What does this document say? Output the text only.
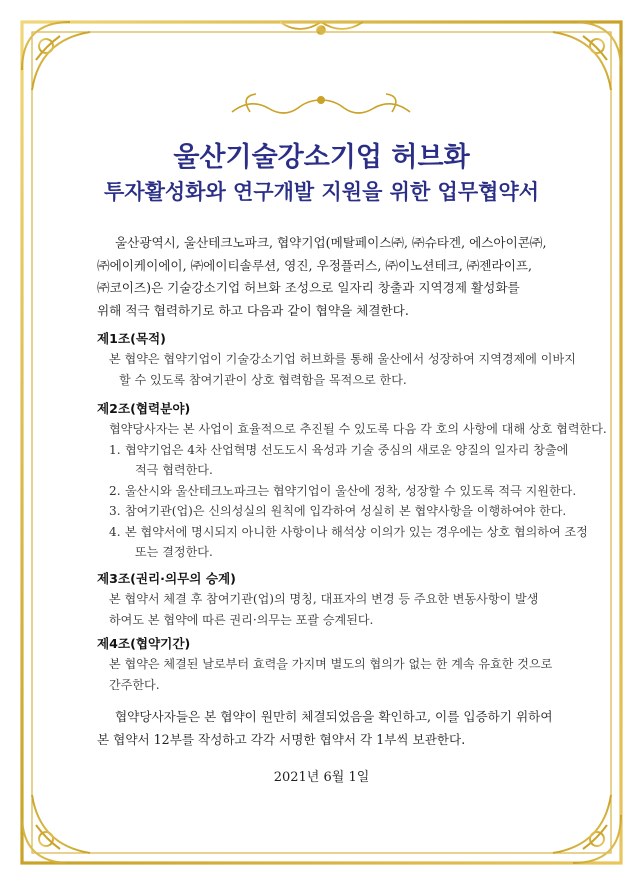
울산기술강소기업 허브화
투자활성화와 연구개발 지원을 위한 업무협약서
울산광역시, 울산테크노파크, 협약기업(메탈페이스㈜, ㈜슈타겐, 에스아이콘㈜,
㈜에이케이에이, ㈜에이티솔루션, 영진, 우정플러스, ㈜이노션테크, ㈜젠라이프,
㈜코이즈)은 기술강소기업 허브화 조성으로 일자리 창출과 지역경제 활성화를
위해 적극 협력하기로 하고 다음과 같이 협약을 체결한다.
제1조(목적)
본 협약은 협약기업이 기술강소기업 허브화를 통해 울산에서 성장하여 지역경제에 이바지
할 수 있도록 참여기관이 상호 협력함을 목적으로 한다.
제2조(협력분야)
협약당사자는 본 사업이 효율적으로 추진될 수 있도록 다음 각 호의 사항에 대해 상호 협력한다.
1. 협약기업은 4차 산업혁명 선도도시 육성과 기술 중심의 새로운 양질의 일자리 창출에
적극 협력한다.
2. 울산시와 울산테크노파크는 협약기업이 울산에 정착, 성장할 수 있도록 적극 지원한다.
3. 참여기관(업)은 신의성실의 원칙에 입각하여 성실히 본 협약사항을 이행하여야 한다.
4. 본 협약서에 명시되지 아니한 사항이나 해석상 이의가 있는 경우에는 상호 협의하여 조정
또는 결정한다.
제3조(권리·의무의 승계)
본 협약서 체결 후 참여기관(업)의 명칭, 대표자의 변경 등 주요한 변동사항이 발생
하여도 본 협약에 따른 권리·의무는 포괄 승계된다.
제4조(협약기간)
본 협약은 체결된 날로부터 효력을 가지며 별도의 협의가 없는 한 계속 유효한 것으로
간주한다.
협약당사자들은 본 협약이 원만히 체결되었음을 확인하고, 이를 입증하기 위하여
본 협약서 12부를 작성하고 각각 서명한 협약서 각 1부씩 보관한다.
2021년 6월 1일
